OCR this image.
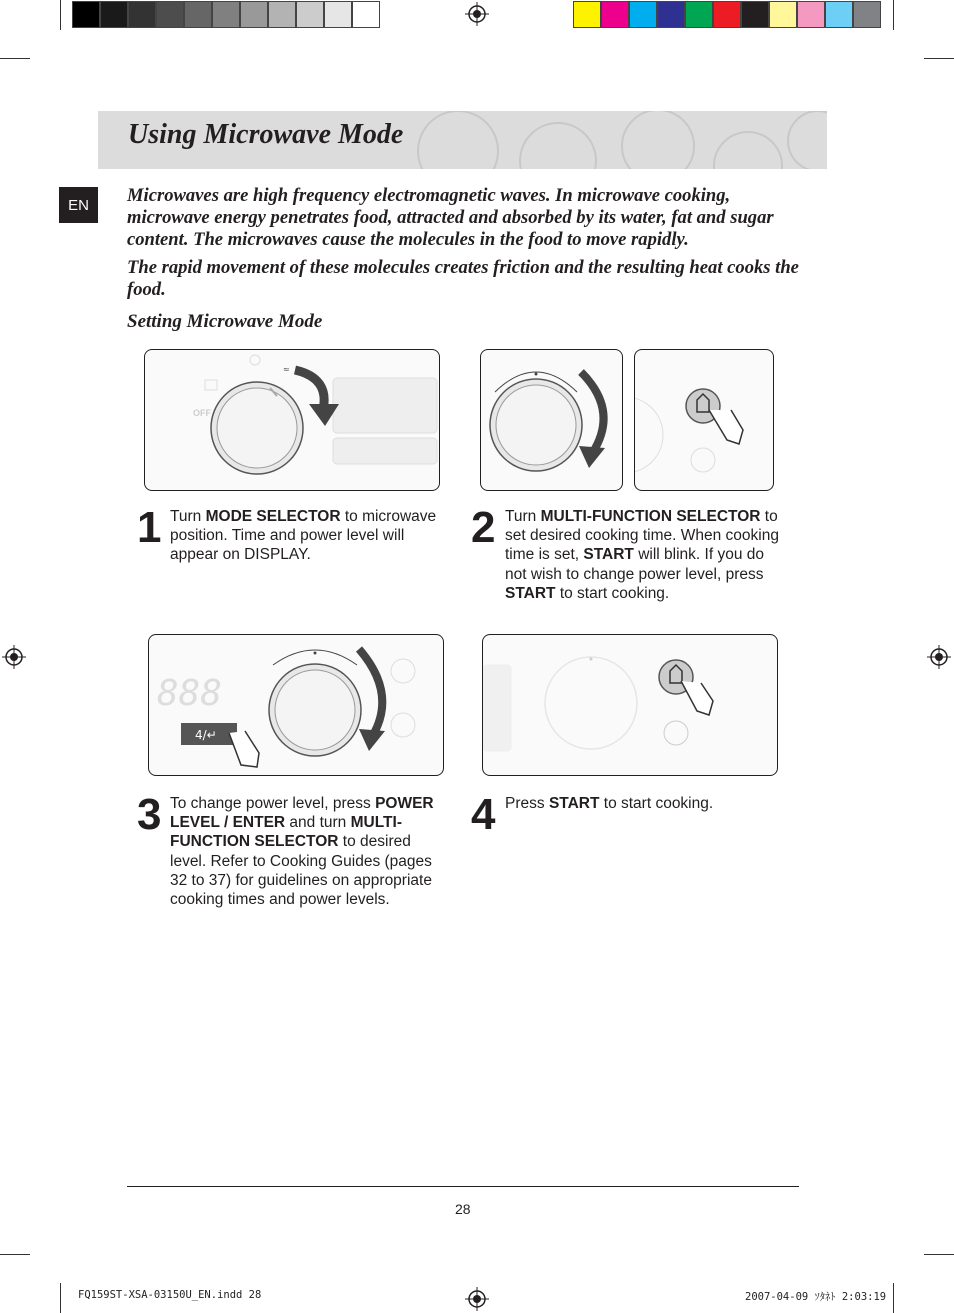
Using Microwave Mode
EN	Microwaves are high frequency electromagnetic waves. In microwave cooking, microwave energy penetrates food, attracted and absorbed by its water, fat and sugar content. The microwaves cause the molecules in the food to move rapidly.
The rapid movement of these molecules creates friction and the resulting heat cooks the food.
Setting Microwave Mode
OFF
≈
888
4/↵
1 Turn MODE SELECTOR to microwave position. Time and power level will appear on DISPLAY.
2 Turn MULTI-FUNCTION SELECTOR to set desired cooking time. When cooking time is set, START will blink. If you do not wish to change power level, press START to start cooking.
3 To change power level, press POWER LEVEL / ENTER and turn MULTI-FUNCTION SELECTOR to desired level. Refer to Cooking Guides (pages 32 to 37) for guidelines on appropriate cooking times and power levels.
4 Press START to start cooking.
28
FQ159ST-XSA-03150U_EN.indd 28	2007-04-09 ｿﾀﾈﾄ 2:03:19
